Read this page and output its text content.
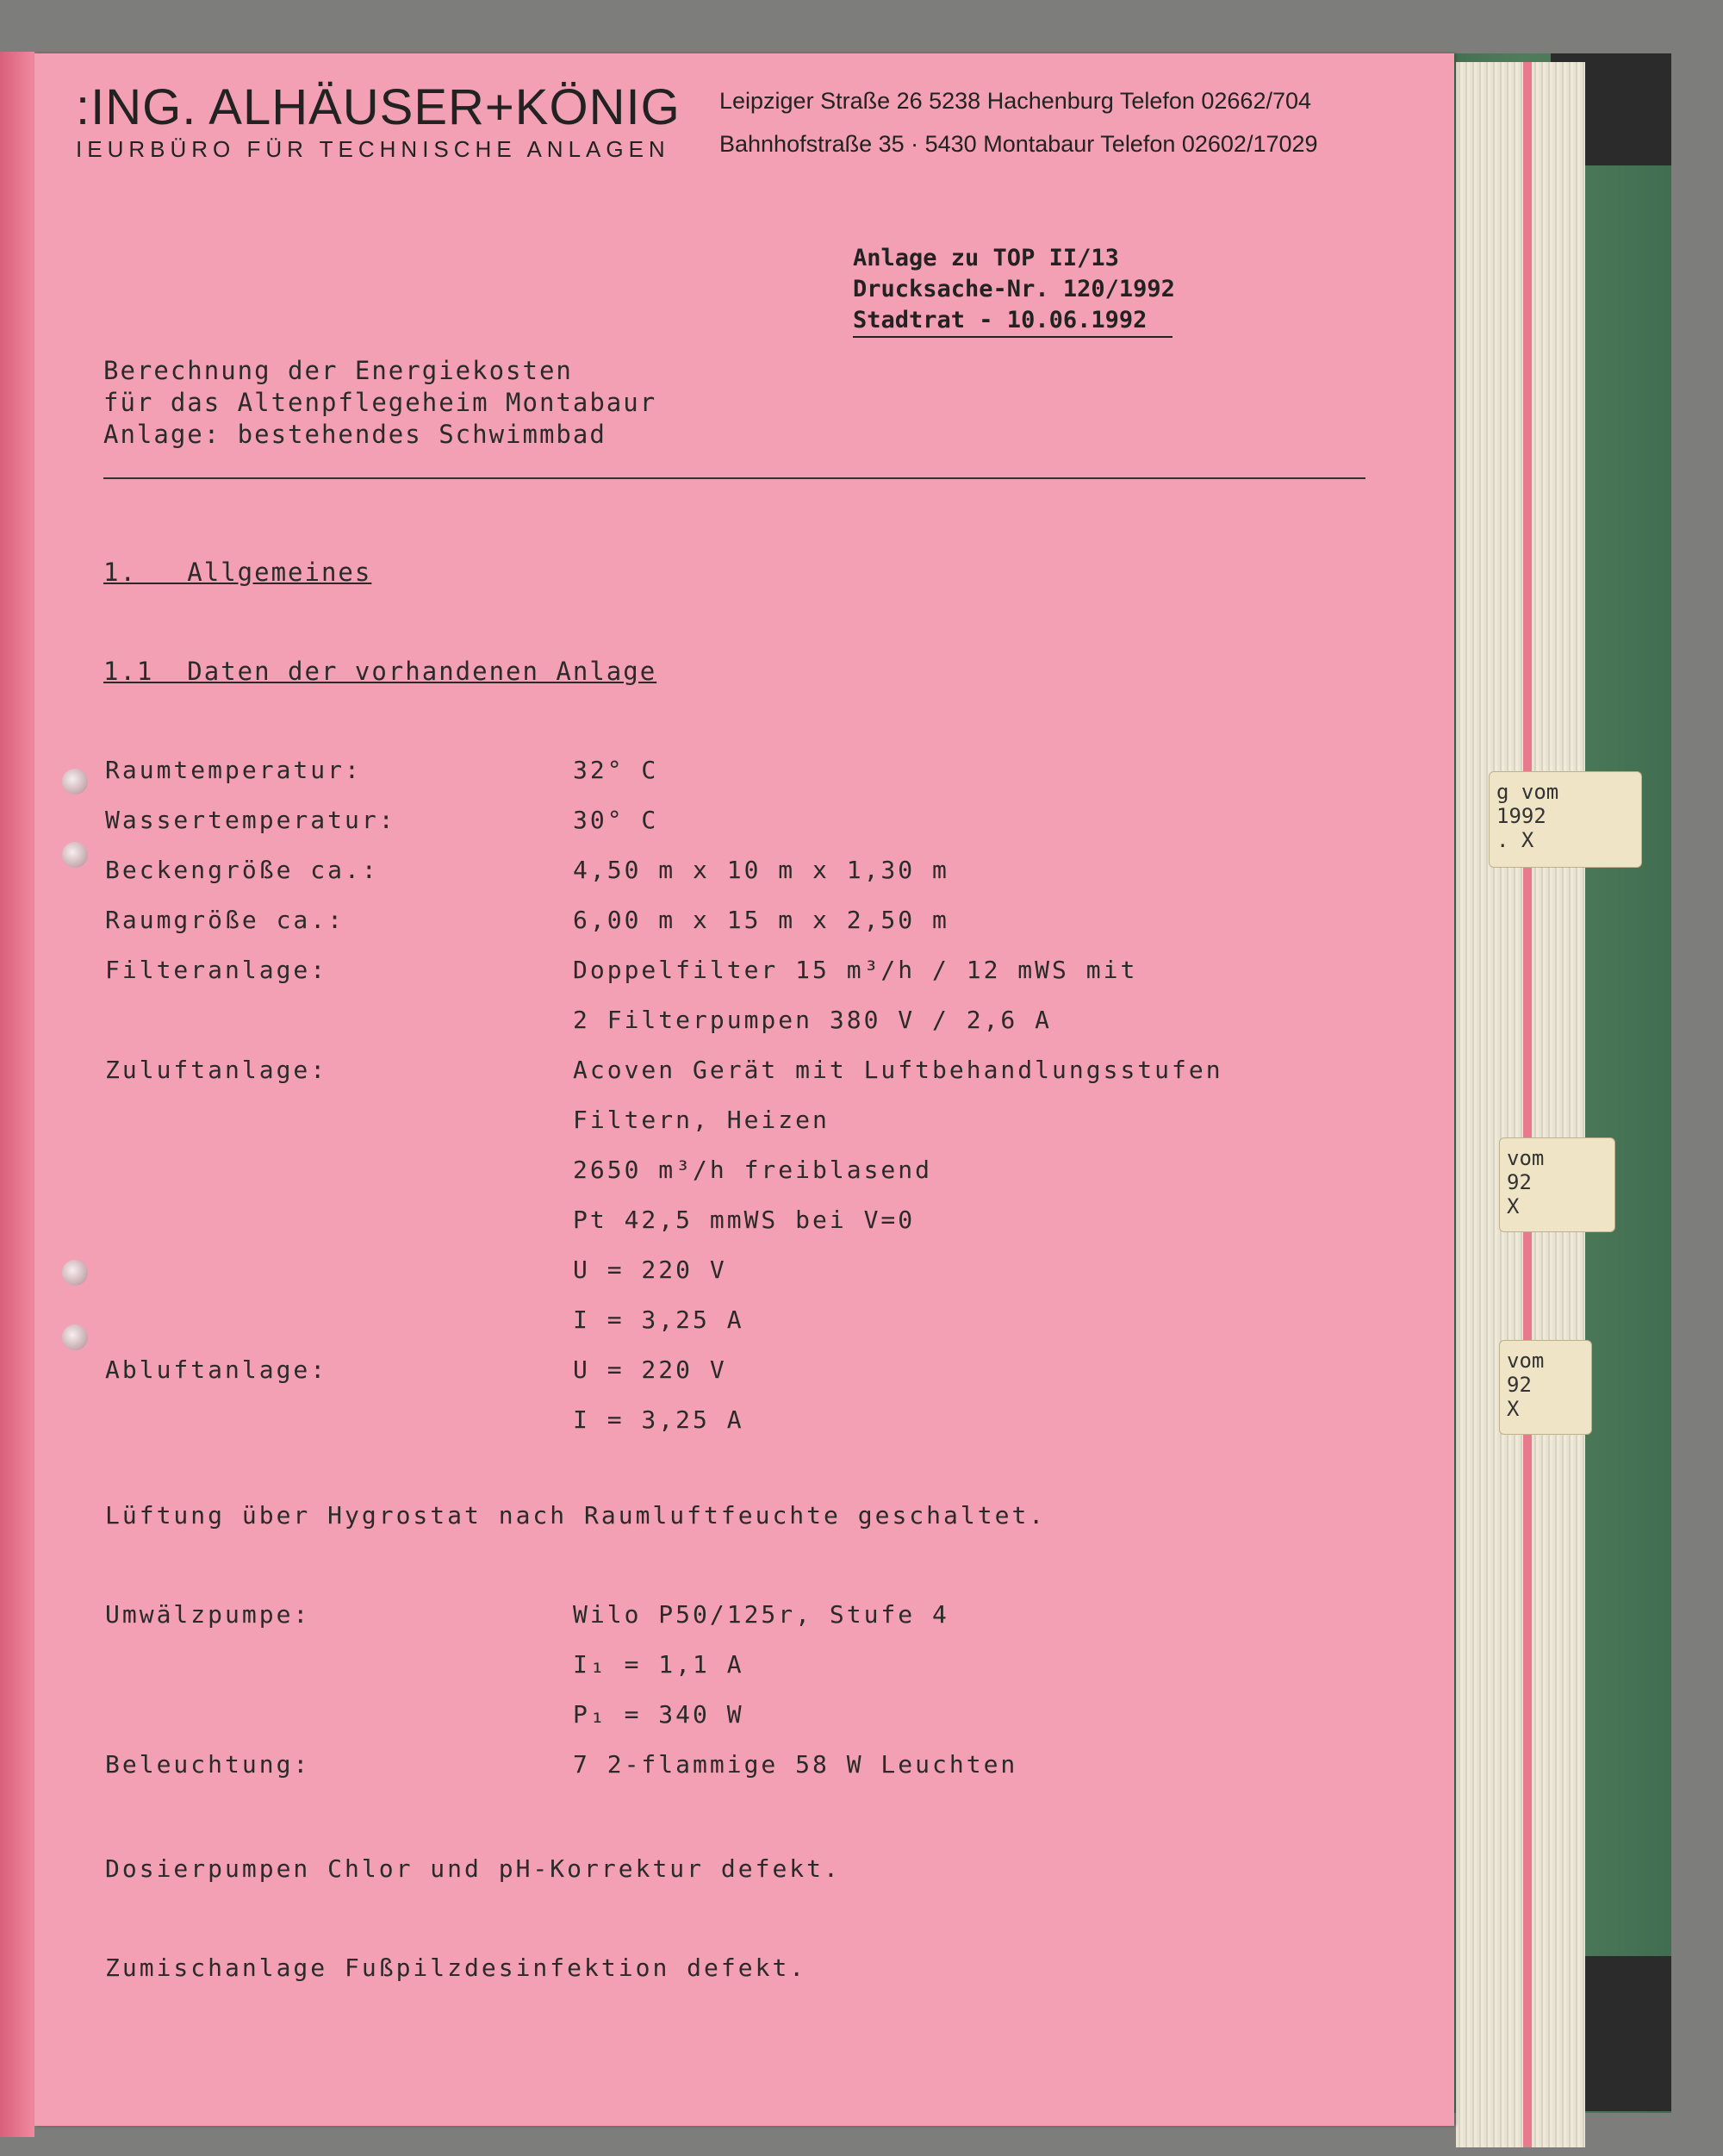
g vom
1992
. X
vom
92
X
vom
92
X
:ING. ALHÄUSER+KÖNIG
IEURBÜRO FÜR TECHNISCHE ANLAGEN
Leipziger Straße 26 5238 Hachenburg Telefon 02662/704
Bahnhofstraße 35 · 5430 Montabaur Telefon 02602/17029
Anlage zu TOP II/13
Drucksache-Nr. 120/1992
Stadtrat - 10.06.1992
Berechnung der Energiekosten
für das Altenpflegeheim Montabaur
Anlage: bestehendes Schwimmbad
1.   Allgemeines
1.1  Daten der vorhandenen Anlage
Raumtemperatur:	32° C
Wassertemperatur:	30° C
Beckengröße ca.:	4,50 m x 10 m x 1,30 m
Raumgröße ca.:	6,00 m x 15 m x 2,50 m
Filteranlage:	Doppelfilter 15 m³/h / 12 mWS mit
2 Filterpumpen 380 V / 2,6 A
Zuluftanlage:	Acoven Gerät mit Luftbehandlungsstufen
Filtern, Heizen
2650 m³/h freiblasend
Pt 42,5 mmWS bei V=0
U = 220 V
I = 3,25 A
Abluftanlage:	U = 220 V
I = 3,25 A
Lüftung über Hygrostat nach Raumluftfeuchte geschaltet.
Umwälzpumpe:	Wilo P50/125r, Stufe 4
I₁ = 1,1 A
P₁ = 340 W
Beleuchtung:	7 2-flammige 58 W Leuchten
Dosierpumpen Chlor und pH-Korrektur defekt.
Zumischanlage Fußpilzdesinfektion defekt.
